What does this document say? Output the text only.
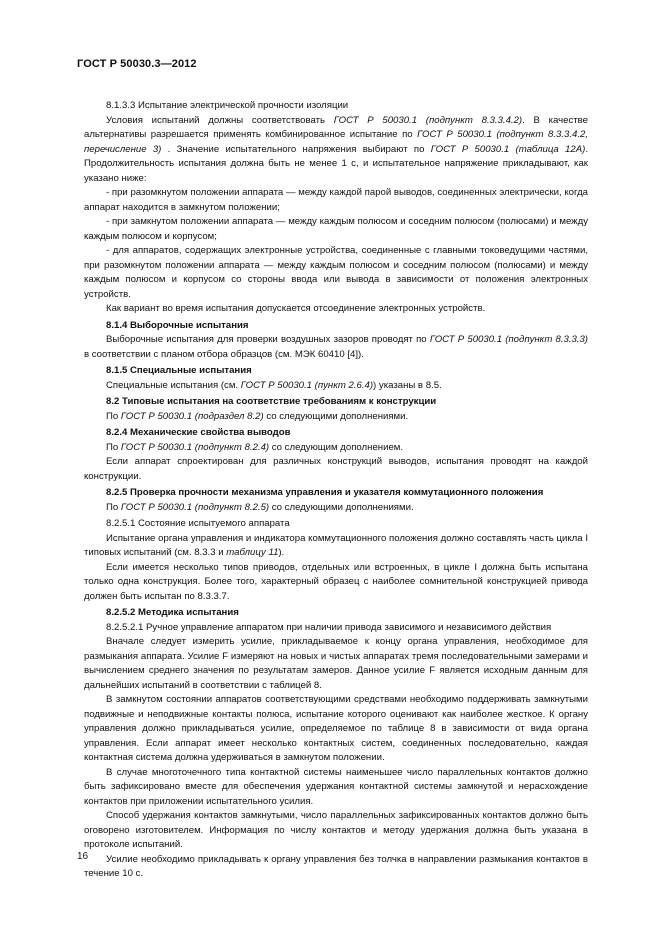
ГОСТ Р 50030.3—2012

8.1.3.3 Испытание электрической прочности изоляции

Условия испытаний должны соответствовать ГОСТ Р 50030.1 (подпункт 8.3.3.4.2). В качестве альтернативы разрешается применять комбинированное испытание по ГОСТ Р 50030.1 (подпункт 8.3.3.4.2, перечисление 3) . Значение испытательного напряжения выбирают по ГОСТ Р 50030.1 (таблица 12А). Продолжительность испытания должна быть не менее 1 с, и испытательное напряжение прикладывают, как указано ниже:

- при разомкнутом положении аппарата — между каждой парой выводов, соединенных электрически, когда аппарат находится в замкнутом положении;

- при замкнутом положении аппарата — между каждым полюсом и соседним полюсом (полюсами) и между каждым полюсом и корпусом;

- для аппаратов, содержащих электронные устройства, соединенные с главными токоведущими частями, при разомкнутом положении аппарата — между каждым полюсом и соседним полюсом (полюсами) и между каждым полюсом и корпусом со стороны ввода или вывода в зависимости от положения электронных устройств.

Как вариант во время испытания допускается отсоединение электронных устройств.

8.1.4 Выборочные испытания

Выборочные испытания для проверки воздушных зазоров проводят по ГОСТ Р 50030.1 (подпункт 8.3.3.3) в соответствии с планом отбора образцов (см. МЭК 60410 [4]).

8.1.5 Специальные испытания

Специальные испытания (см. ГОСТ Р 50030.1 (пункт 2.6.4)) указаны в 8.5.

8.2 Типовые испытания на соответствие требованиям к конструкции

По ГОСТ Р 50030.1 (подраздел 8.2) со следующими дополнениями.

8.2.4 Механические свойства выводов

По ГОСТ Р 50030.1 (подпункт 8.2.4) со следующим дополнением.

Если аппарат спроектирован для различных конструкций выводов, испытания проводят на каждой конструкции.

8.2.5 Проверка прочности механизма управления и указателя коммутационного положения

По ГОСТ Р 50030.1 (подпункт 8.2.5) со следующими дополнениями.

8.2.5.1 Состояние испытуемого аппарата

Испытание органа управления и индикатора коммутационного положения должно составлять часть цикла I типовых испытаний (см. 8.3.3 и таблицу 11).

Если имеется несколько типов приводов, отдельных или встроенных, в цикле I должна быть испытана только одна конструкция. Более того, характерный образец с наиболее сомнительной конструкцией привода должен быть испытан по 8.3.3.7.

8.2.5.2 Методика испытания

8.2.5.2.1 Ручное управление аппаратом при наличии привода зависимого и независимого действия

Вначале следует измерить усилие, прикладываемое к концу органа управления, необходимое для размыкания аппарата. Усилие F измеряют на новых и чистых аппаратах тремя последовательными замерами и вычислением среднего значения по результатам замеров. Данное усилие F является исходным данным для дальнейших испытаний в соответствии с таблицей 8.

В замкнутом состоянии аппаратов соответствующими средствами необходимо поддерживать замкнутыми подвижные и неподвижные контакты полюса, испытание которого оценивают как наиболее жесткое. К органу управления должно прикладываться усилие, определяемое по таблице 8 в зависимости от вида органа управления. Если аппарат имеет несколько контактных систем, соединенных последовательно, каждая контактная система должна удерживаться в замкнутом положении.

В случае многоточечного типа контактной системы наименьшее число параллельных контактов должно быть зафиксировано вместе для обеспечения удержания контактной системы замкнутой и нерасхождение контактов при приложении испытательного усилия.

Способ удержания контактов замкнутыми, число параллельных зафиксированных контактов должно быть оговорено изготовителем. Информация по числу контактов и методу удержания должна быть указана в протоколе испытаний.

Усилие необходимо прикладывать к органу управления без толчка в направлении размыкания контактов в течение 10 с.

16
